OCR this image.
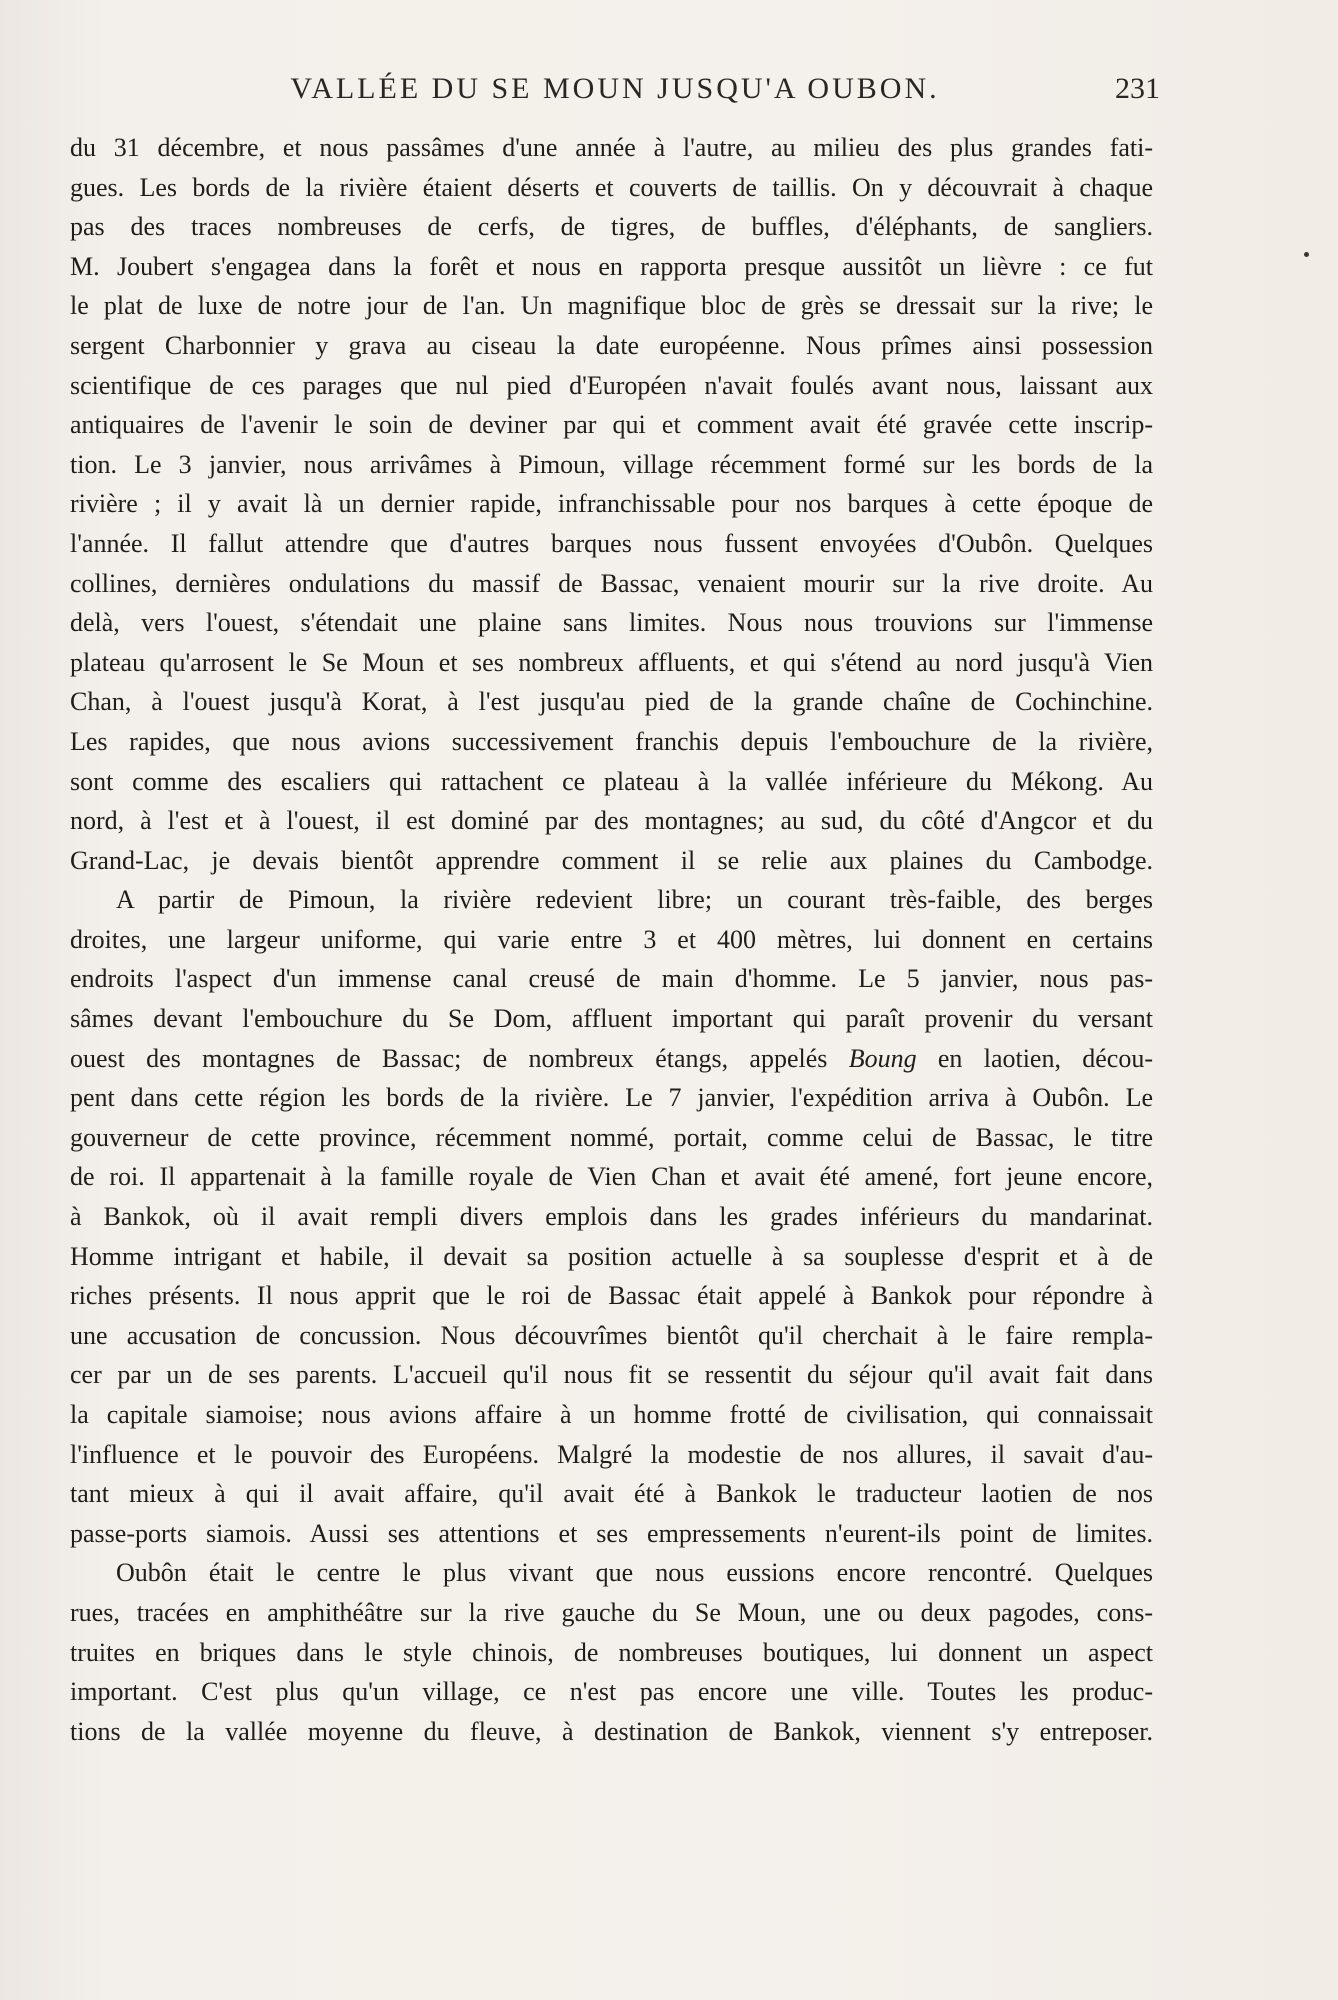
VALLÉE DU SE MOUN JUSQU'A OUBON.	231

du 31 décembre, et nous passâmes d'une année à l'autre, au milieu des plus grandes fati-
gues. Les bords de la rivière étaient déserts et couverts de taillis. On y découvrait à chaque
pas des traces nombreuses de cerfs, de tigres, de buffles, d'éléphants, de sangliers.
M. Joubert s'engagea dans la forêt et nous en rapporta presque aussitôt un lièvre : ce fut
le plat de luxe de notre jour de l'an. Un magnifique bloc de grès se dressait sur la rive; le
sergent Charbonnier y grava au ciseau la date européenne. Nous prîmes ainsi possession
scientifique de ces parages que nul pied d'Européen n'avait foulés avant nous, laissant aux
antiquaires de l'avenir le soin de deviner par qui et comment avait été gravée cette inscrip-
tion. Le 3 janvier, nous arrivâmes à Pimoun, village récemment formé sur les bords de la
rivière ; il y avait là un dernier rapide, infranchissable pour nos barques à cette époque de
l'année. Il fallut attendre que d'autres barques nous fussent envoyées d'Oubôn. Quelques
collines, dernières ondulations du massif de Bassac, venaient mourir sur la rive droite. Au
delà, vers l'ouest, s'étendait une plaine sans limites. Nous nous trouvions sur l'immense
plateau qu'arrosent le Se Moun et ses nombreux affluents, et qui s'étend au nord jusqu'à Vien
Chan, à l'ouest jusqu'à Korat, à l'est jusqu'au pied de la grande chaîne de Cochinchine.
Les rapides, que nous avions successivement franchis depuis l'embouchure de la rivière,
sont comme des escaliers qui rattachent ce plateau à la vallée inférieure du Mékong. Au
nord, à l'est et à l'ouest, il est dominé par des montagnes; au sud, du côté d'Angcor et du
Grand-Lac, je devais bientôt apprendre comment il se relie aux plaines du Cambodge.

A partir de Pimoun, la rivière redevient libre; un courant très-faible, des berges
droites, une largeur uniforme, qui varie entre 3 et 400 mètres, lui donnent en certains
endroits l'aspect d'un immense canal creusé de main d'homme. Le 5 janvier, nous pas-
sâmes devant l'embouchure du Se Dom, affluent important qui paraît provenir du versant
ouest des montagnes de Bassac; de nombreux étangs, appelés Boung en laotien, décou-
pent dans cette région les bords de la rivière. Le 7 janvier, l'expédition arriva à Oubôn. Le
gouverneur de cette province, récemment nommé, portait, comme celui de Bassac, le titre
de roi. Il appartenait à la famille royale de Vien Chan et avait été amené, fort jeune encore,
à Bankok, où il avait rempli divers emplois dans les grades inférieurs du mandarinat.
Homme intrigant et habile, il devait sa position actuelle à sa souplesse d'esprit et à de
riches présents. Il nous apprit que le roi de Bassac était appelé à Bankok pour répondre à
une accusation de concussion. Nous découvrîmes bientôt qu'il cherchait à le faire rempla-
cer par un de ses parents. L'accueil qu'il nous fit se ressentit du séjour qu'il avait fait dans
la capitale siamoise; nous avions affaire à un homme frotté de civilisation, qui connaissait
l'influence et le pouvoir des Européens. Malgré la modestie de nos allures, il savait d'au-
tant mieux à qui il avait affaire, qu'il avait été à Bankok le traducteur laotien de nos
passe-ports siamois. Aussi ses attentions et ses empressements n'eurent-ils point de limites.

Oubôn était le centre le plus vivant que nous eussions encore rencontré. Quelques
rues, tracées en amphithéâtre sur la rive gauche du Se Moun, une ou deux pagodes, cons-
truites en briques dans le style chinois, de nombreuses boutiques, lui donnent un aspect
important. C'est plus qu'un village, ce n'est pas encore une ville. Toutes les produc-
tions de la vallée moyenne du fleuve, à destination de Bankok, viennent s'y entreposer.
